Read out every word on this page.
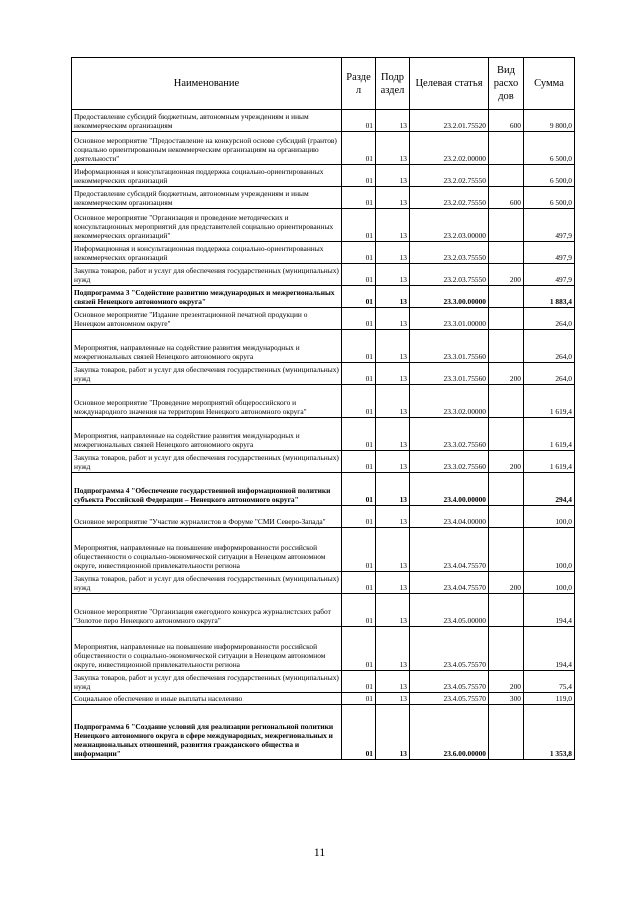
Наименование	Разде л	Подр аздел	Целевая статья	Вид расхо дов	Сумма
Предоставление субсидий бюджетным, автономным учреждениям и иным некоммерческим организациям	01	13	23.2.01.75520	600	9 800,0
Основное мероприятие "Предоставление на конкурсной основе субсидий (грантов) социально ориентированным некоммерческим организациям на организацию деятельности"	01	13	23.2.02.00000		6 500,0
Информационная и консультационная поддержка социально-ориентированных некоммерческих организаций	01	13	23.2.02.75550		6 500,0
Предоставление субсидий бюджетным, автономным учреждениям и иным некоммерческим организациям	01	13	23.2.02.75550	600	6 500,0
Основное мероприятие "Организация и проведение методических и консультационных мероприятий для представителей социально ориентированных некоммерческих организаций"	01	13	23.2.03.00000		497,9
Информационная и консультационная поддержка социально-ориентированных некоммерческих организаций	01	13	23.2.03.75550		497,9
Закупка товаров, работ и услуг для обеспечения государственных (муниципальных) нужд	01	13	23.2.03.75550	200	497,9
Подпрограмма 3 "Содействие развитию международных и межрегиональных связей Ненецкого автономного округа"	01	13	23.3.00.00000		1 883,4
Основное мероприятие "Издание презентационной печатной продукции о Ненецком автономном округе"	01	13	23.3.01.00000		264,0
Мероприятия, направленные на содействие развития международных и межрегиональных связей Ненецкого автономного округа	01	13	23.3.01.75560		264,0
Закупка товаров, работ и услуг для обеспечения государственных (муниципальных) нужд	01	13	23.3.01.75560	200	264,0
Основное мероприятие "Проведение мероприятий общероссийского и международного значения на территории Ненецкого автономного округа"	01	13	23.3.02.00000		1 619,4
Мероприятия, направленные на содействие развития международных и межрегиональных связей Ненецкого автономного округа	01	13	23.3.02.75560		1 619,4
Закупка товаров, работ и услуг для обеспечения государственных (муниципальных) нужд	01	13	23.3.02.75560	200	1 619,4
Подпрограмма 4 "Обеспечение государственной информационной политики субъекта Российской Федерации – Ненецкого автономного округа"	01	13	23.4.00.00000		294,4
Основное мероприятие "Участие журналистов в Форуме "СМИ Северо-Запада"	01	13	23.4.04.00000		100,0
Мероприятия, направленные на повышение информированности российской общественности о социально-экономической ситуации в Ненецком автономном округе, инвестиционной привлекательности региона	01	13	23.4.04.75570		100,0
Закупка товаров, работ и услуг для обеспечения государственных (муниципальных) нужд	01	13	23.4.04.75570	200	100,0
Основное мероприятие "Организация ежегодного конкурса журналистских работ "Золотое перо Ненецкого автономного округа"	01	13	23.4.05.00000		194,4
Мероприятия, направленные на повышение информированности российской общественности о социально-экономической ситуации в Ненецком автономном округе, инвестиционной привлекательности региона	01	13	23.4.05.75570		194,4
Закупка товаров, работ и услуг для обеспечения государственных (муниципальных) нужд	01	13	23.4.05.75570	200	75,4
Социальное обеспечение и иные выплаты населению	01	13	23.4.05.75570	300	119,0
Подпрограмма 6 "Создание условий для реализации региональной политики Ненецкого автономного округа в сфере международных, межрегиональных и межнациональных отношений, развития гражданского общества и информации"	01	13	23.6.00.00000		1 353,8
11
